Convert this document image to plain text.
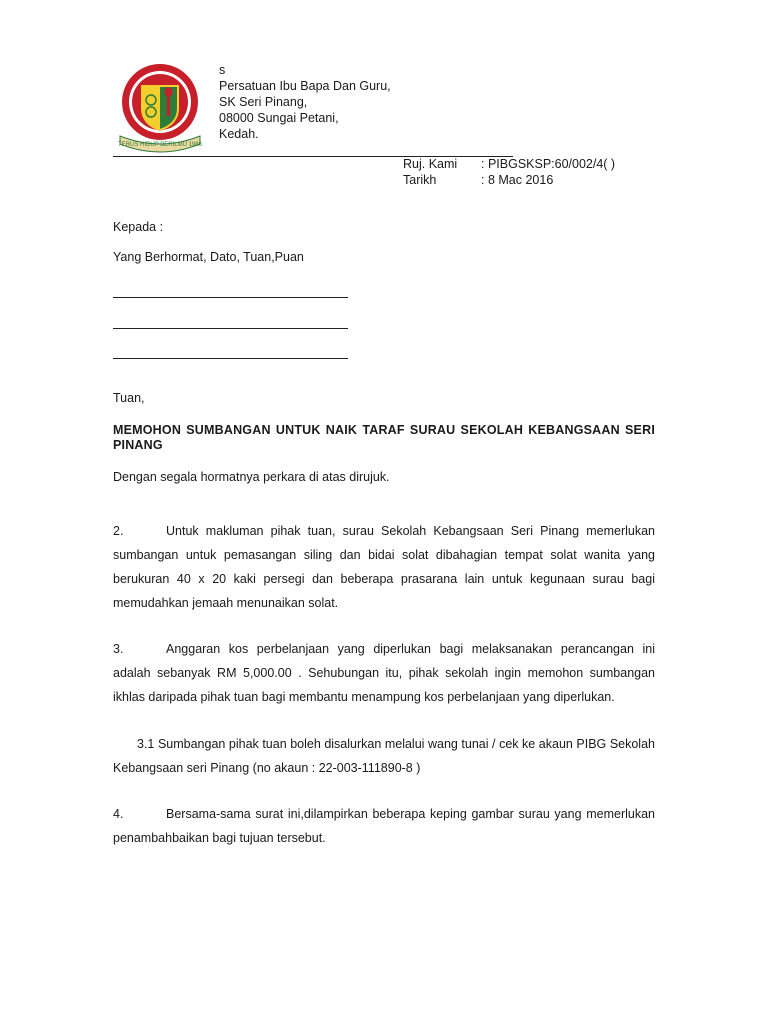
TERUS HIDUP BERILMU 1986
s
Persatuan Ibu Bapa Dan Guru,
SK Seri Pinang,
08000 Sungai Petani,
Kedah.
Ruj. Kami : PIBGSKSP:60/002/4( )
Tarikh	: 8 Mac 2016
Kepada :
Yang Berhormat, Dato, Tuan,Puan
Tuan,
MEMOHON SUMBANGAN UNTUK NAIK TARAF SURAU SEKOLAH KEBANGSAAN SERI PINANG
Dengan segala hormatnya perkara di atas dirujuk.
2.	Untuk makluman pihak tuan, surau Sekolah Kebangsaan Seri Pinang memerlukan sumbangan untuk pemasangan siling dan bidai solat dibahagian tempat solat wanita yang berukuran 40 x 20 kaki persegi dan beberapa prasarana lain untuk kegunaan surau bagi memudahkan jemaah menunaikan solat.
3.	Anggaran kos perbelanjaan yang diperlukan bagi melaksanakan perancangan ini adalah sebanyak RM 5,000.00 . Sehubungan itu, pihak sekolah ingin memohon sumbangan ikhlas daripada pihak tuan bagi membantu menampung kos perbelanjaan yang diperlukan.
3.1 Sumbangan pihak tuan boleh disalurkan melalui wang tunai / cek ke akaun PIBG Sekolah Kebangsaan seri Pinang (no akaun : 22-003-111890-8 )
4.	Bersama-sama surat ini,dilampirkan beberapa keping gambar surau yang memerlukan penambahbaikan bagi tujuan tersebut.
